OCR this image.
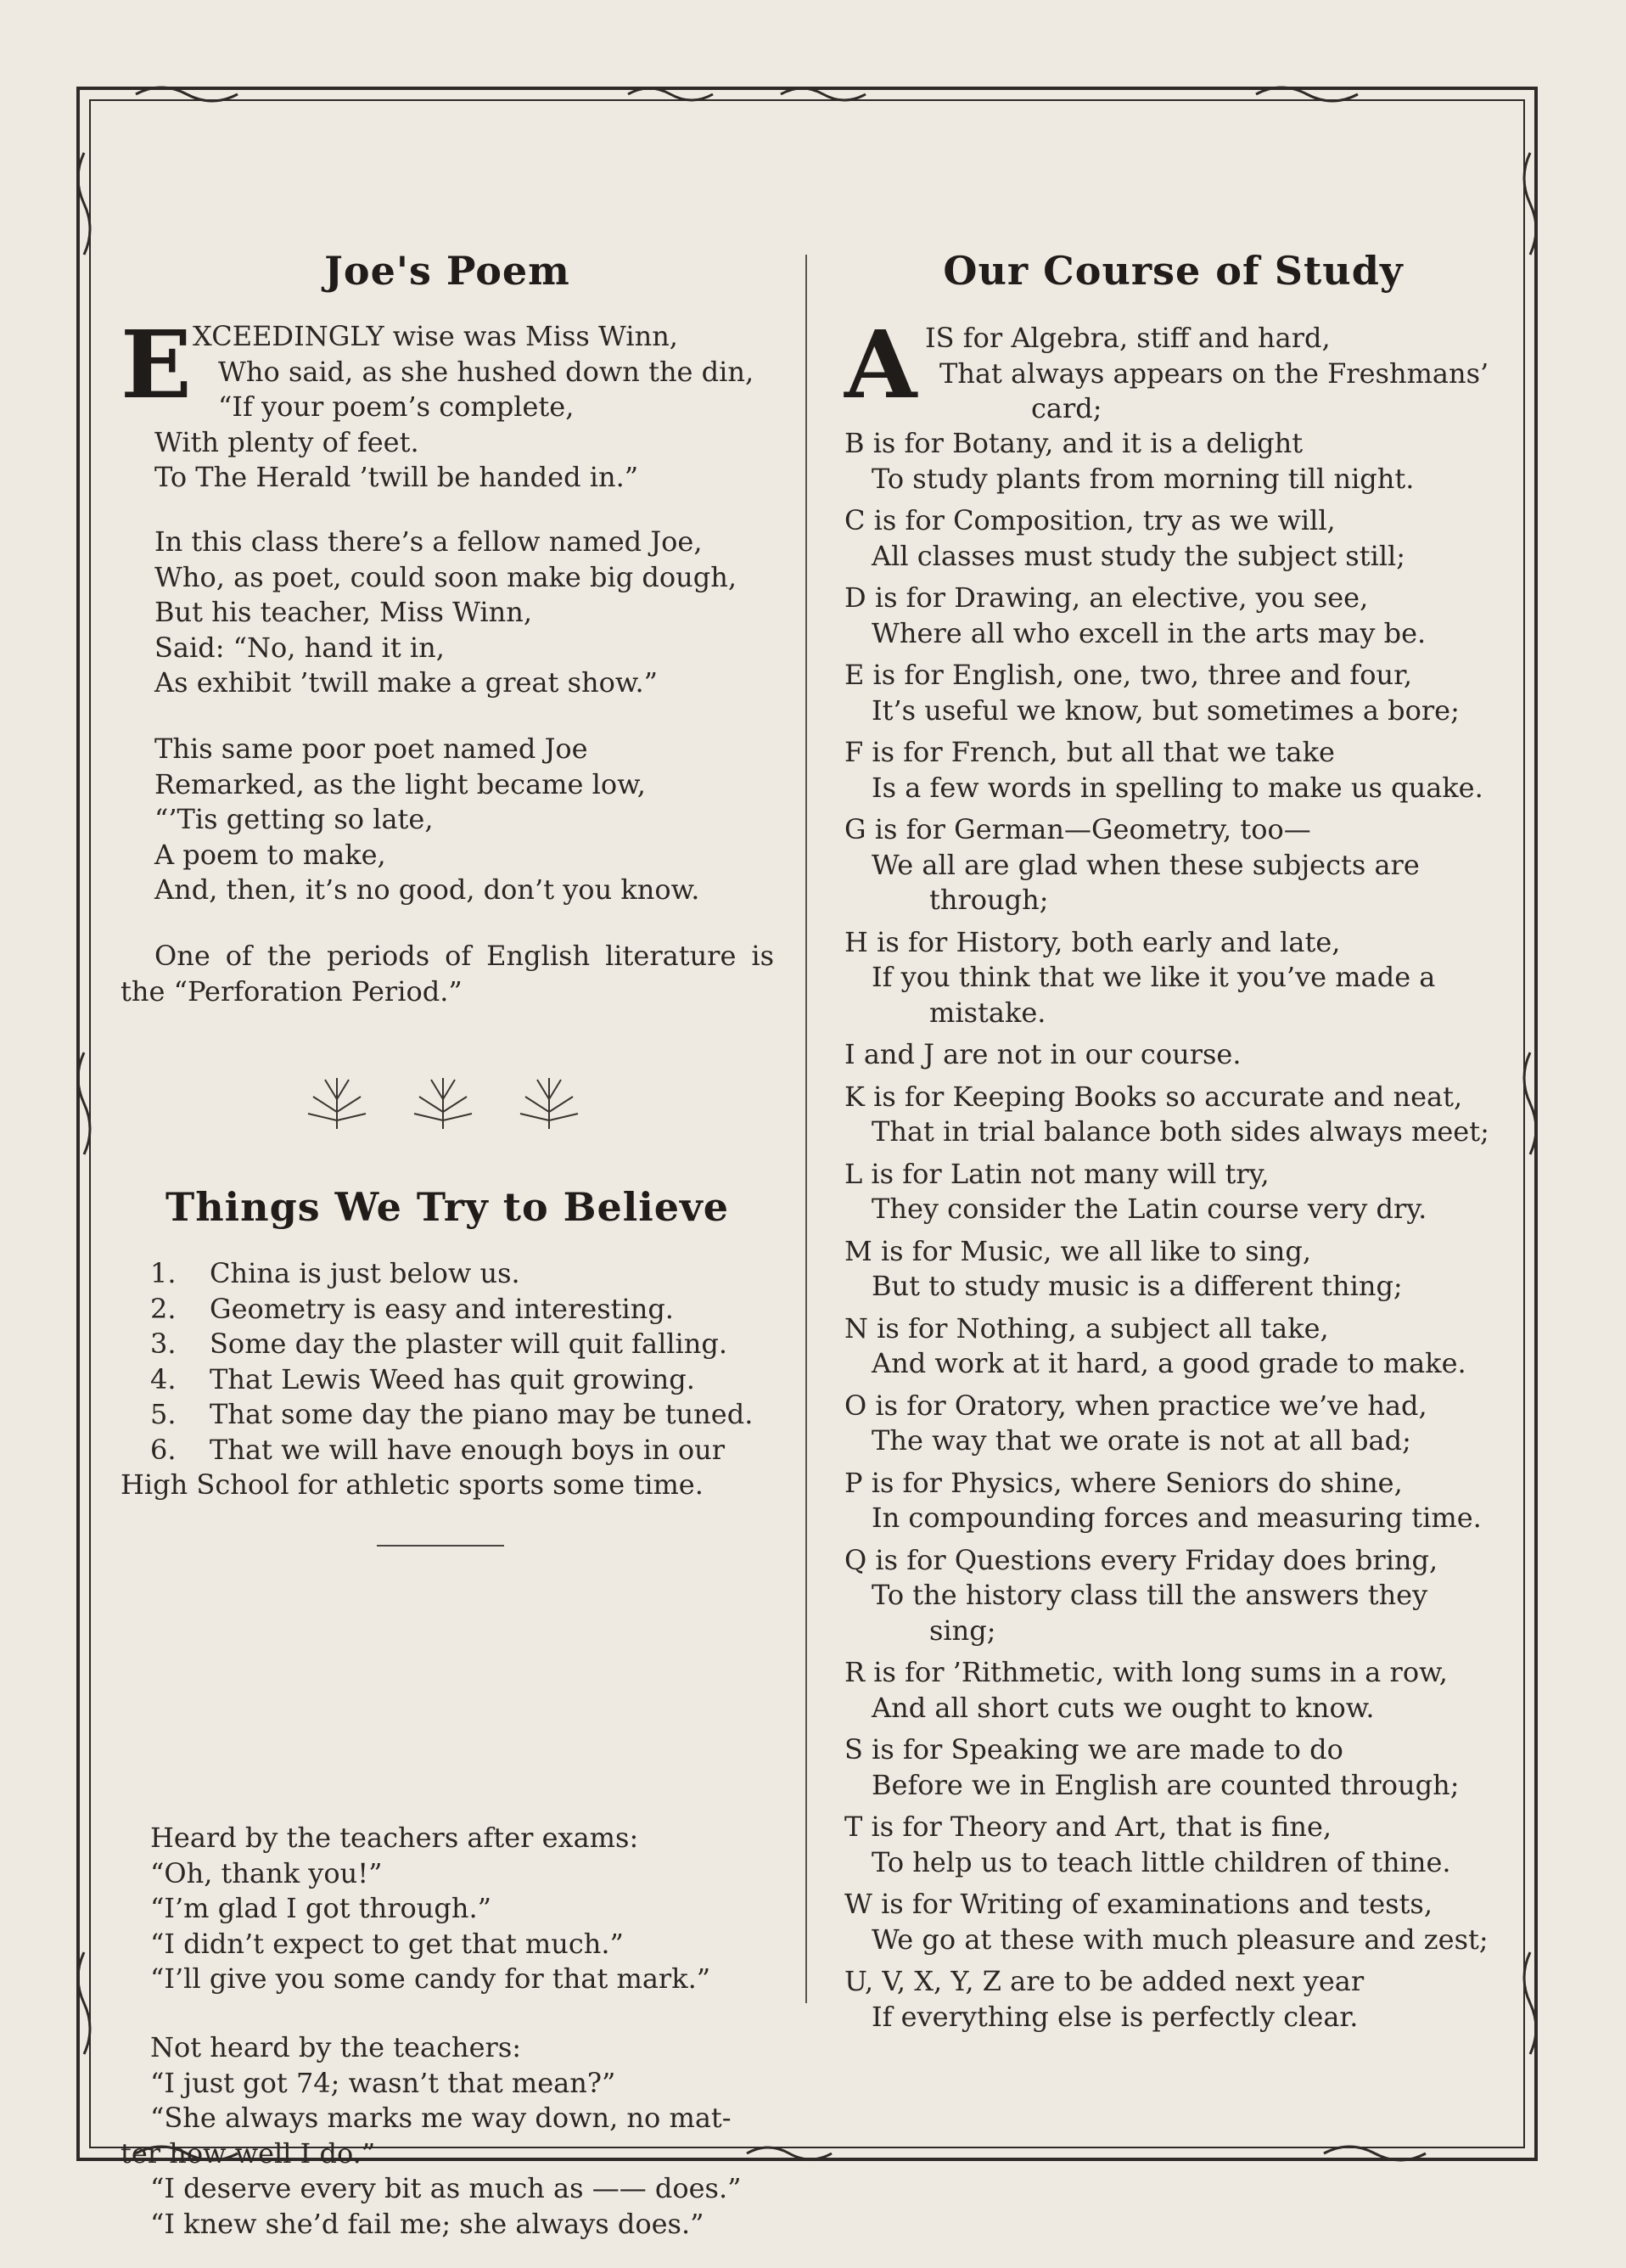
Joe's Poem
E XCEEDINGLY wise was Miss Winn,
Who said, as she hushed down the din,
“If your poem’s complete,
With plenty of feet.
To The Herald ’twill be handed in.”
In this class there’s a fellow named Joe,
Who, as poet, could soon make big dough,
But his teacher, Miss Winn,
Said: “No, hand it in,
As exhibit ’twill make a great show.”
This same poor poet named Joe
Remarked, as the light became low,
“’Tis getting so late,
A poem to make,
And, then, it’s no good, don’t you know.
One of the periods of English literature is
the “Perforation Period.”
Things We Try to Believe
1.	China is just below us.
2.	Geometry is easy and interesting.
3.	Some day the plaster will quit falling.
4.	That Lewis Weed has quit growing.
5.	That some day the piano may be tuned.
6.	That we will have enough boys in our
High School for athletic sports some time.
Heard by the teachers after exams:
“Oh, thank you!”
“I’m glad I got through.”
“I didn’t expect to get that much.”
“I’ll give you some candy for that mark.”
Not heard by the teachers:
“I just got 74; wasn’t that mean?”
“She always marks me way down, no mat-
ter how well I do.”
“I deserve every bit as much as —— does.”
“I knew she’d fail me; she always does.”
Our Course of Study
A IS for Algebra, stiff and hard,
That always appears on the Freshmans’
card;
B is for Botany, and it is a delight
To study plants from morning till night.
C is for Composition, try as we will,
All classes must study the subject still;
D is for Drawing, an elective, you see,
Where all who excell in the arts may be.
E is for English, one, two, three and four,
It’s useful we know, but sometimes a bore;
F is for French, but all that we take
Is a few words in spelling to make us quake.
G is for German—Geometry, too—
We all are glad when these subjects are
through;
H is for History, both early and late,
If you think that we like it you’ve made a
mistake.
I and J are not in our course.
K is for Keeping Books so accurate and neat,
That in trial balance both sides always meet;
L is for Latin not many will try,
They consider the Latin course very dry.
M is for Music, we all like to sing,
But to study music is a different thing;
N is for Nothing, a subject all take,
And work at it hard, a good grade to make.
O is for Oratory, when practice we’ve had,
The way that we orate is not at all bad;
P is for Physics, where Seniors do shine,
In compounding forces and measuring time.
Q is for Questions every Friday does bring,
To the history class till the answers they
sing;
R is for ’Rithmetic, with long sums in a row,
And all short cuts we ought to know.
S is for Speaking we are made to do
Before we in English are counted through;
T is for Theory and Art, that is fine,
To help us to teach little children of thine.
W is for Writing of examinations and tests,
We go at these with much pleasure and zest;
U, V, X, Y, Z are to be added next year
If everything else is perfectly clear.
